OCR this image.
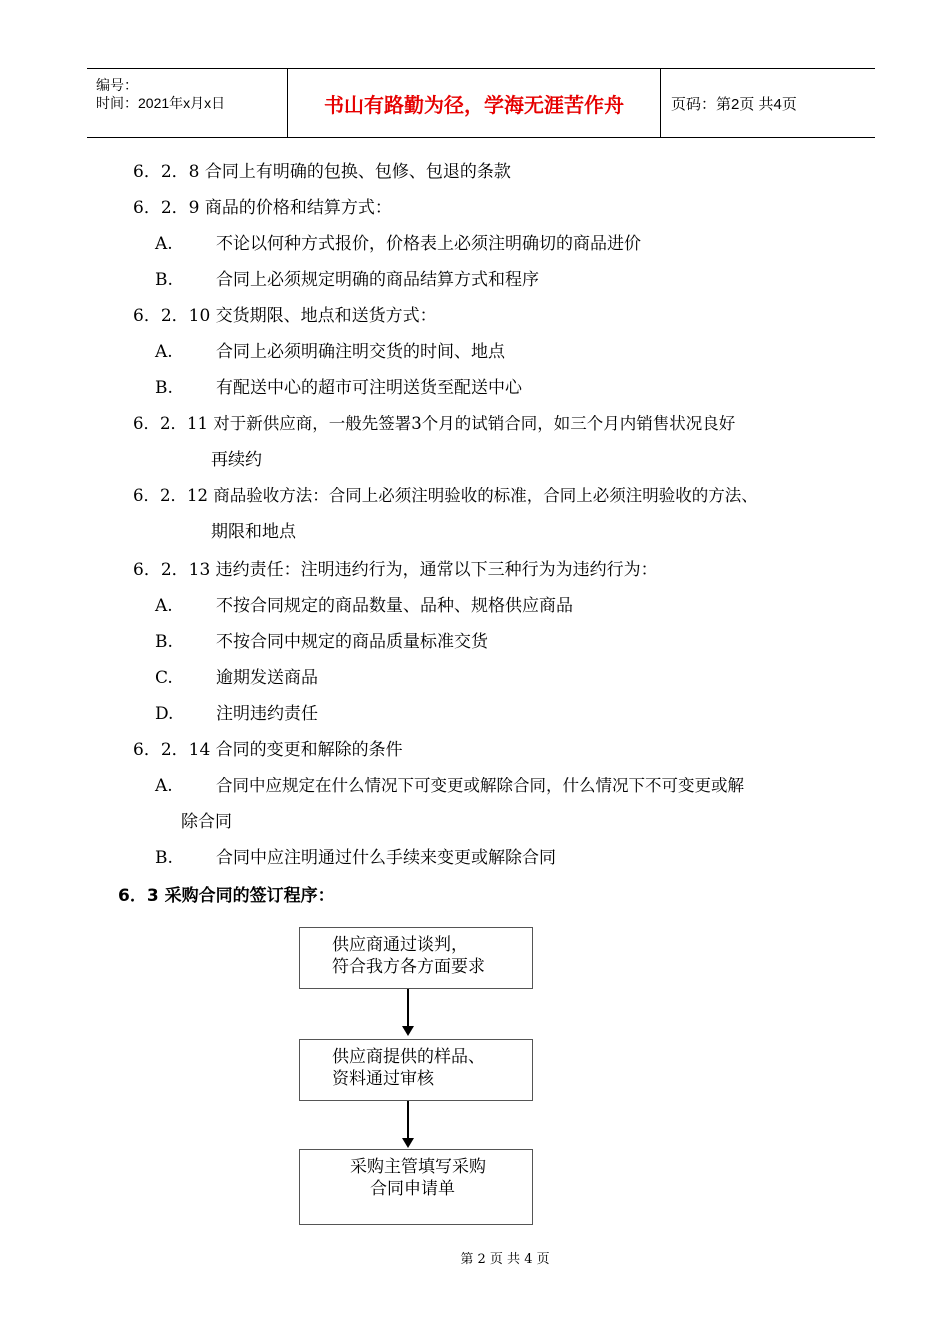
编号：
时间：2021年x月x日	书山有路勤为径，学海无涯苦作舟	页码：第2页 共4页
6．2．8 合同上有明确的包换、包修、包退的条款
6．2．9 商品的价格和结算方式：
A.	不论以何种方式报价，价格表上必须注明确切的商品进价
B.	合同上必须规定明确的商品结算方式和程序
6．2．10 交货期限、地点和送货方式：
A.	合同上必须明确注明交货的时间、地点
B.	有配送中心的超市可注明送货至配送中心
6．2．11 对于新供应商，一般先签署3个月的试销合同，如三个月内销售状况良好
再续约
6．2．12 商品验收方法：合同上必须注明验收的标准，合同上必须注明验收的方法、
期限和地点
6．2．13 违约责任：注明违约行为，通常以下三种行为为违约行为：
A.	不按合同规定的商品数量、品种、规格供应商品
B.	不按合同中规定的商品质量标准交货
C.	逾期发送商品
D.	注明违约责任
6．2．14 合同的变更和解除的条件
A.	合同中应规定在什么情况下可变更或解除合同，什么情况下不可变更或解
除合同
B.	合同中应注明通过什么手续来变更或解除合同
6．3 采购合同的签订程序：
供应商通过谈判，
符合我方各方面要求
供应商提供的样品、
资料通过审核
采购主管填写采购
合同申请单
第 2 页 共 4 页
